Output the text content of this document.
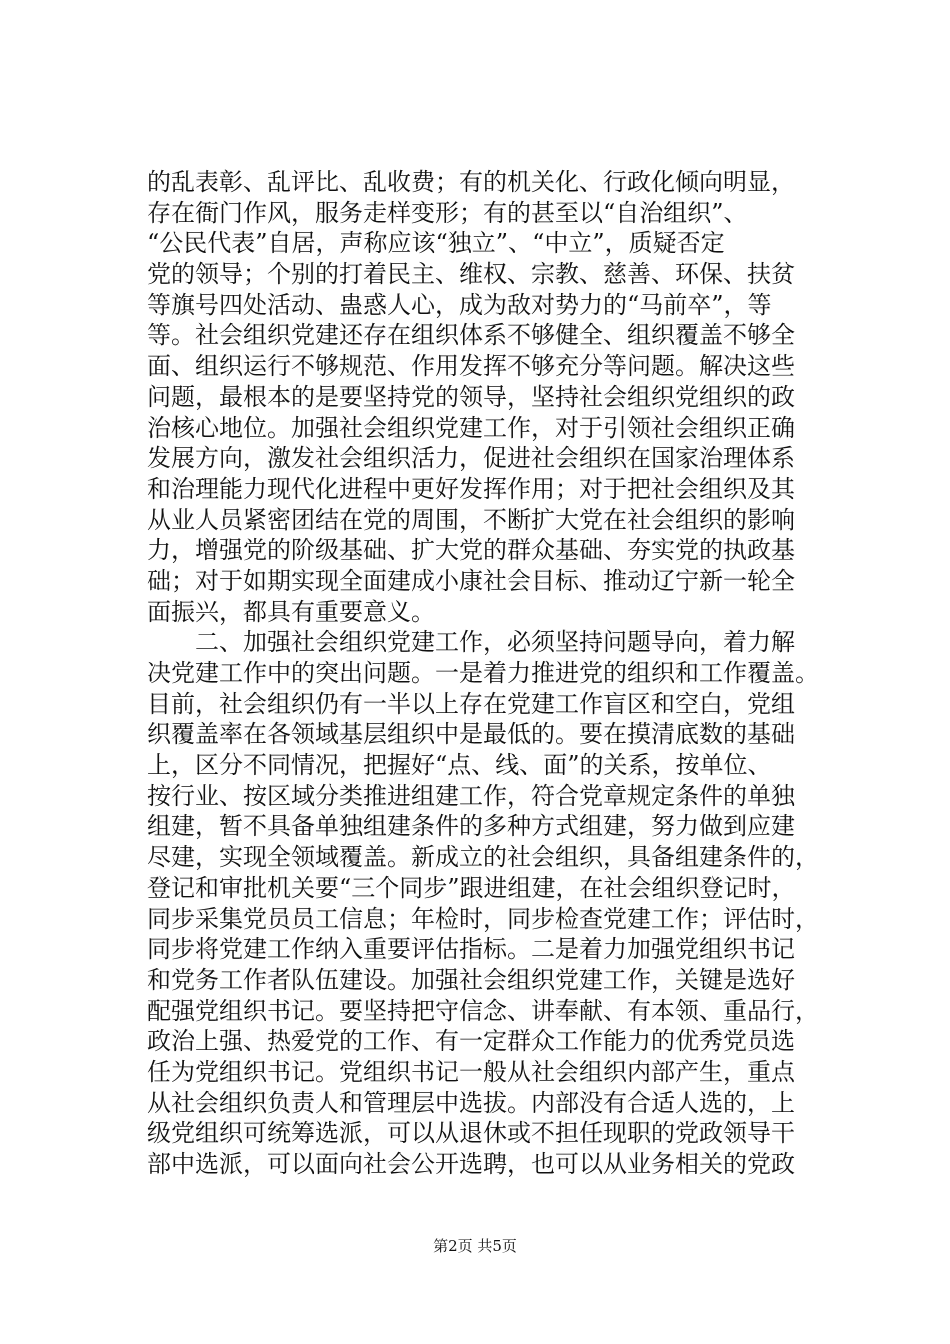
的乱表彰、乱评比、乱收费；有的机关化、行政化倾向明显，
存在衙门作风，服务走样变形；有的甚至以“自治组织”、
“公民代表”自居，声称应该“独立”、“中立”，质疑否定
党的领导；个别的打着民主、维权、宗教、慈善、环保、扶贫
等旗号四处活动、蛊惑人心，成为敌对势力的“马前卒”，等
等。社会组织党建还存在组织体系不够健全、组织覆盖不够全
面、组织运行不够规范、作用发挥不够充分等问题。解决这些
问题，最根本的是要坚持党的领导，坚持社会组织党组织的政
治核心地位。加强社会组织党建工作，对于引领社会组织正确
发展方向，激发社会组织活力，促进社会组织在国家治理体系
和治理能力现代化进程中更好发挥作用；对于把社会组织及其
从业人员紧密团结在党的周围，不断扩大党在社会组织的影响
力，增强党的阶级基础、扩大党的群众基础、夯实党的执政基
础；对于如期实现全面建成小康社会目标、推动辽宁新一轮全
面振兴，都具有重要意义。
二、加强社会组织党建工作，必须坚持问题导向，着力解
决党建工作中的突出问题。一是着力推进党的组织和工作覆盖。
目前，社会组织仍有一半以上存在党建工作盲区和空白，党组
织覆盖率在各领域基层组织中是最低的。要在摸清底数的基础
上，区分不同情况，把握好“点、线、面”的关系，按单位、
按行业、按区域分类推进组建工作，符合党章规定条件的单独
组建，暂不具备单独组建条件的多种方式组建，努力做到应建
尽建，实现全领域覆盖。新成立的社会组织，具备组建条件的，
登记和审批机关要“三个同步”跟进组建，在社会组织登记时，
同步采集党员员工信息；年检时，同步检查党建工作；评估时，
同步将党建工作纳入重要评估指标。二是着力加强党组织书记
和党务工作者队伍建设。加强社会组织党建工作，关键是选好
配强党组织书记。要坚持把守信念、讲奉献、有本领、重品行，
政治上强、热爱党的工作、有一定群众工作能力的优秀党员选
任为党组织书记。党组织书记一般从社会组织内部产生，重点
从社会组织负责人和管理层中选拔。内部没有合适人选的，上
级党组织可统筹选派，可以从退休或不担任现职的党政领导干
部中选派，可以面向社会公开选聘，也可以从业务相关的党政
第2页 共5页
